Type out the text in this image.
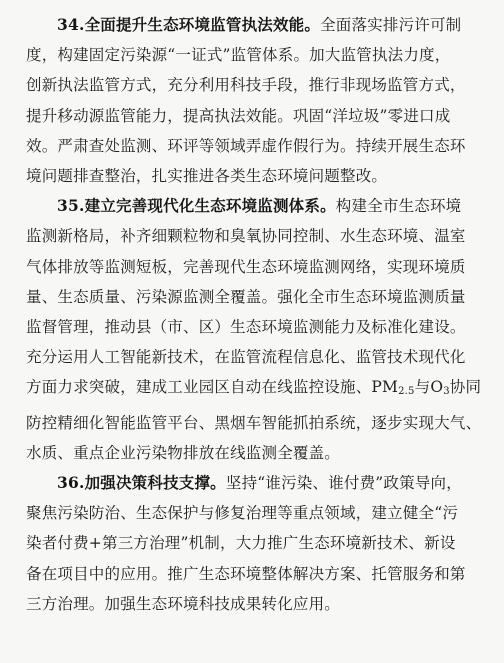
34.全面提升生态环境监管执法效能。全面落实排污许可制
度，构建固定污染源“一证式”监管体系。加大监管执法力度，
创新执法监管方式，充分利用科技手段，推行非现场监管方式，
提升移动源监管能力，提高执法效能。巩固“洋垃圾”零进口成
效。严肃查处监测、环评等领域弄虚作假行为。持续开展生态环
境问题排查整治，扎实推进各类生态环境问题整改。
35.建立完善现代化生态环境监测体系。构建全市生态环境
监测新格局，补齐细颗粒物和臭氧协同控制、水生态环境、温室
气体排放等监测短板，完善现代生态环境监测网络，实现环境质
量、生态质量、污染源监测全覆盖。强化全市生态环境监测质量
监督管理，推动县（市、区）生态环境监测能力及标准化建设。
充分运用人工智能新技术，在监管流程信息化、监管技术现代化
方面力求突破，建成工业园区自动在线监控设施、$PM_{2.5}$与$O_3$协同
防控精细化智能监管平台、黑烟车智能抓拍系统，逐步实现大气、
水质、重点企业污染物排放在线监测全覆盖。
36.加强决策科技支撑。坚持“谁污染、谁付费”政策导向，
聚焦污染防治、生态保护与修复治理等重点领域，建立健全“污
染者付费+第三方治理”机制，大力推广生态环境新技术、新设
备在项目中的应用。推广生态环境整体解决方案、托管服务和第
三方治理。加强生态环境科技成果转化应用。
